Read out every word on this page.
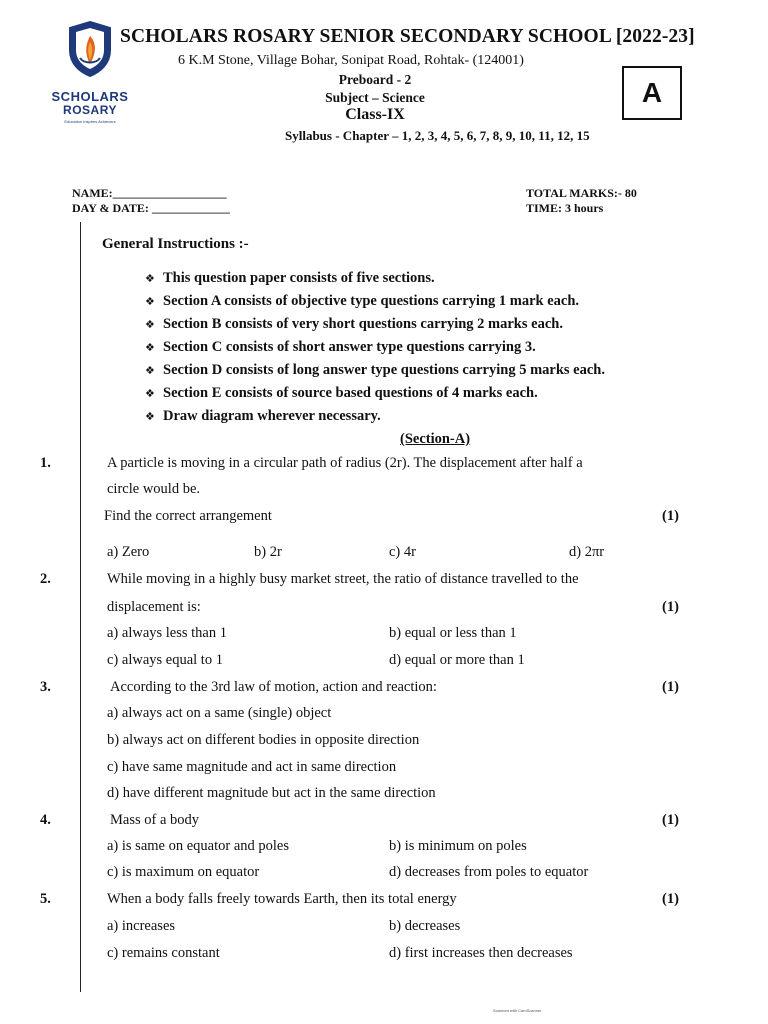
SCHOLARS
ROSARY
Education Inspires Achievers
SCHOLARS ROSARY SENIOR SECONDARY SCHOOL [2022-23]
6 K.M Stone, Village Bohar, Sonipat Road, Rohtak- (124001)
Preboard - 2
Subject – Science
Class-IX
Syllabus - Chapter – 1, 2, 3, 4, 5, 6, 7, 8, 9, 10, 11, 12, 15
A
NAME:___________________
DAY & DATE: _____________
TOTAL MARKS:- 80
TIME: 3 hours
General Instructions :-
❖ This question paper consists of five sections.
❖ Section A consists of objective type questions carrying 1 mark each.
❖ Section B consists of very short questions carrying 2 marks each.
❖ Section C consists of short answer type questions carrying 3.
❖ Section D consists of long answer type questions carrying 5 marks each.
❖ Section E consists of source based questions of 4 marks each.
❖ Draw diagram wherever necessary.
(Section-A)
1.	A particle is moving in a circular path of radius (2r). The displacement after half a
circle would be.
Find the correct arrangement	(1)
a) Zero	b) 2r	c) 4r	d) 2πr
2.	While moving in a highly busy market street, the ratio of distance travelled to the
displacement is:	(1)
a) always less than 1	b) equal or less than 1
c) always equal to 1	d) equal or more than 1
3.	According to the 3rd law of motion, action and reaction:	(1)
a) always act on a same (single) object
b) always act on different bodies in opposite direction
c) have same magnitude and act in same direction
d) have different magnitude but act in the same direction
4.	Mass of a body	(1)
a) is same on equator and poles	b) is minimum on poles
c) is maximum on equator	d) decreases from poles to equator
5.	When a body falls freely towards Earth, then its total energy	(1)
a) increases	b) decreases
c) remains constant	d) first increases then decreases
Scanned with CamScanner
